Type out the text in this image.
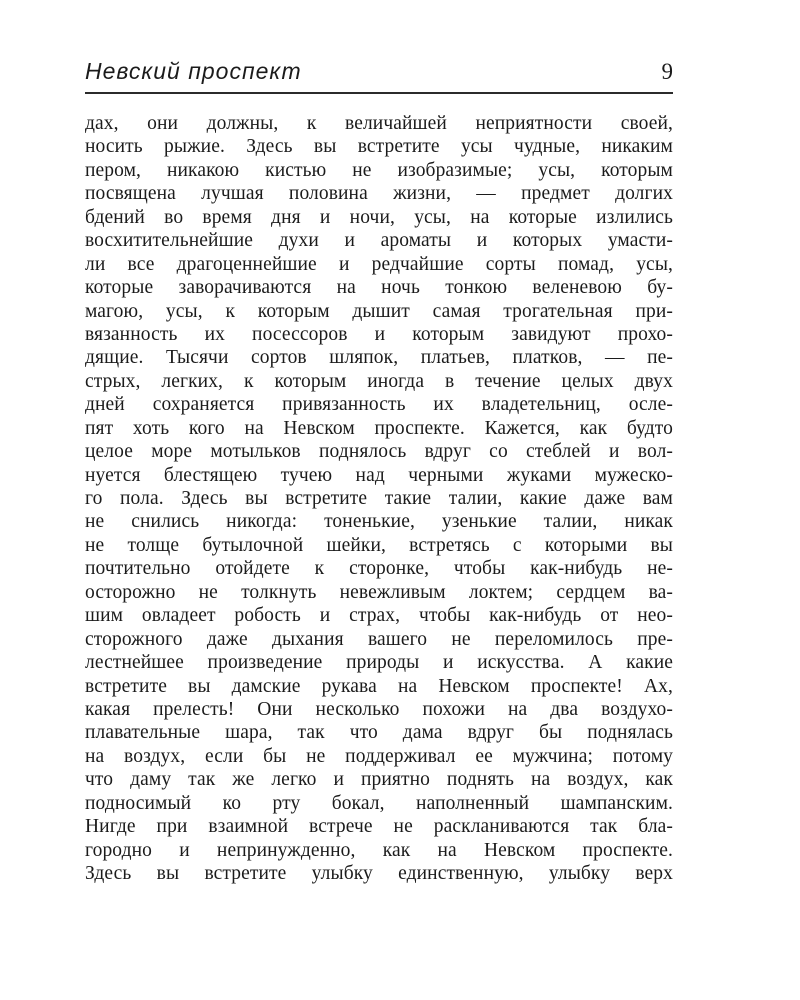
Невский проспект	9
дах, они должны, к величайшей неприятности своей,
носить рыжие. Здесь вы встретите усы чудные, никаким
пером, никакою кистью не изобразимые; усы, которым
посвящена лучшая половина жизни, — предмет долгих
бдений во время дня и ночи, усы, на которые излились
восхитительнейшие духи и ароматы и которых умасти-
ли все драгоценнейшие и редчайшие сорты помад, усы,
которые заворачиваются на ночь тонкою веленевою бу-
магою, усы, к которым дышит самая трогательная при-
вязанность их посессоров и которым завидуют прохо-
дящие. Тысячи сортов шляпок, платьев, платков, — пе-
стрых, легких, к которым иногда в течение целых двух
дней сохраняется привязанность их владетельниц, осле-
пят хоть кого на Невском проспекте. Кажется, как будто
целое море мотыльков поднялось вдруг со стеблей и вол-
нуется блестящею тучею над черными жуками мужеско-
го пола. Здесь вы встретите такие талии, какие даже вам
не снились никогда: тоненькие, узенькие талии, никак
не толще бутылочной шейки, встретясь с которыми вы
почтительно отойдете к сторонке, чтобы как-нибудь не-
осторожно не толкнуть невежливым локтем; сердцем ва-
шим овладеет робость и страх, чтобы как-нибудь от нео-
сторожного даже дыхания вашего не переломилось пре-
лестнейшее произведение природы и искусства. А какие
встретите вы дамские рукава на Невском проспекте! Ах,
какая прелесть! Они несколько похожи на два воздухо-
плавательные шара, так что дама вдруг бы поднялась
на воздух, если бы не поддерживал ее мужчина; потому
что даму так же легко и приятно поднять на воздух, как
подносимый ко рту бокал, наполненный шампанским.
Нигде при взаимной встрече не раскланиваются так бла-
городно и непринужденно, как на Невском проспекте.
Здесь вы встретите улыбку единственную, улыбку верх
